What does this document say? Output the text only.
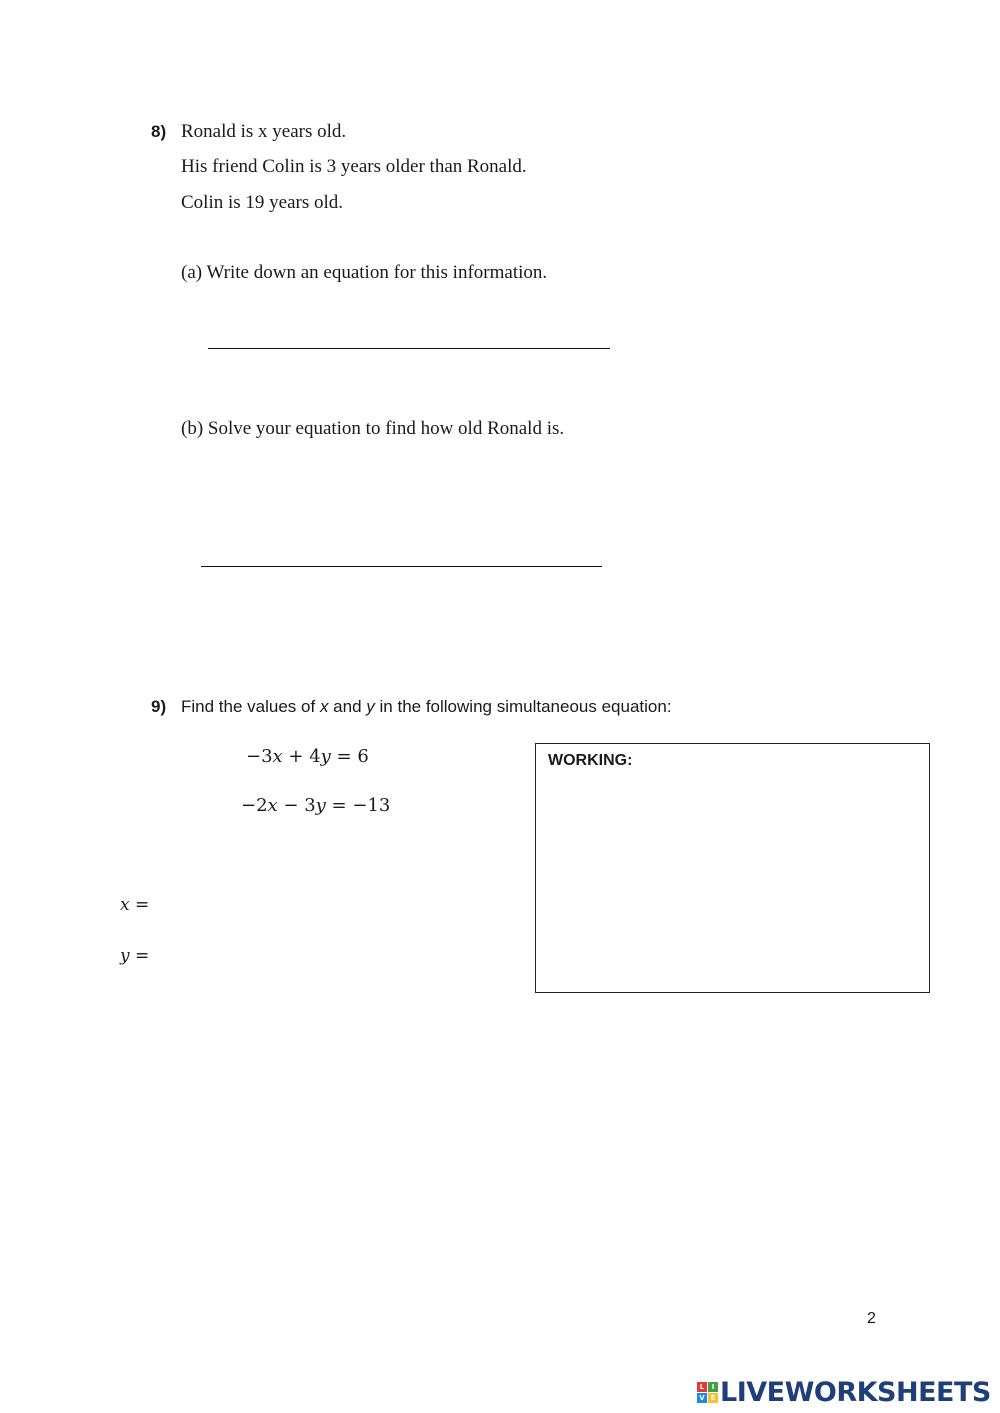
8) Ronald is x years old.
His friend Colin is 3 years older than Ronald.
Colin is 19 years old.
(a) Write down an equation for this information.
(b) Solve your equation to find how old Ronald is.
9) Find the values of x and y in the following simultaneous equation:
−3𝑥 + 4𝑦 = 6
−2𝑥 − 3𝑦 = −13
𝑥 =
𝑦 =
WORKING:
2
L	I
V E LIVEWORKSHEETS
